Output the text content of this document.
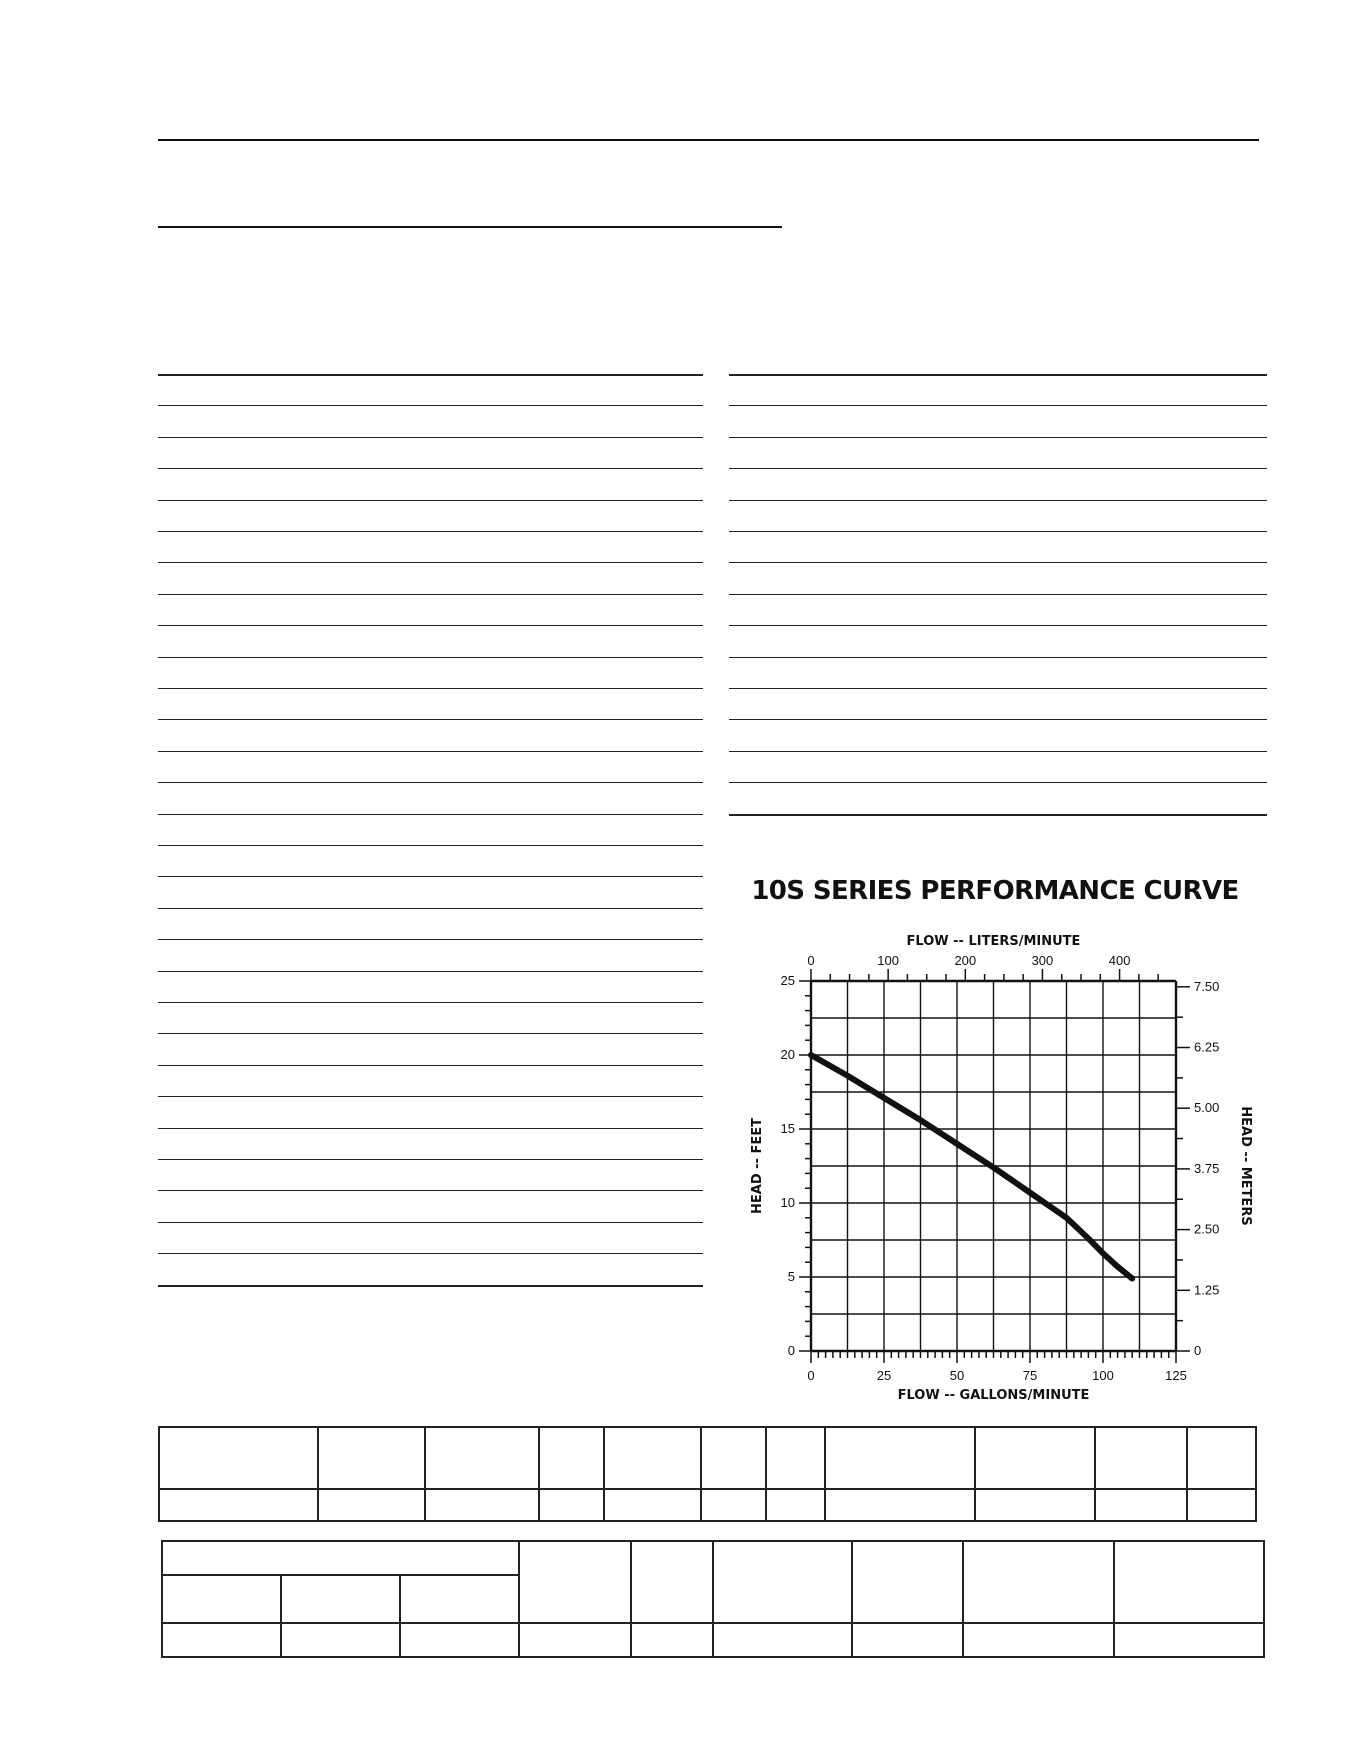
10S SERIES PERFORMANCE CURVE
0	25	50	75	100	125
0
5
10
15
20
25
0	100	200	300	400
0
1.25
2.50
3.75
5.00
6.25
7.50
FLOW -- GALLONS/MINUTE
FLOW -- LITERS/MINUTE
HEAD -- FEET	HEAD -- METERS
